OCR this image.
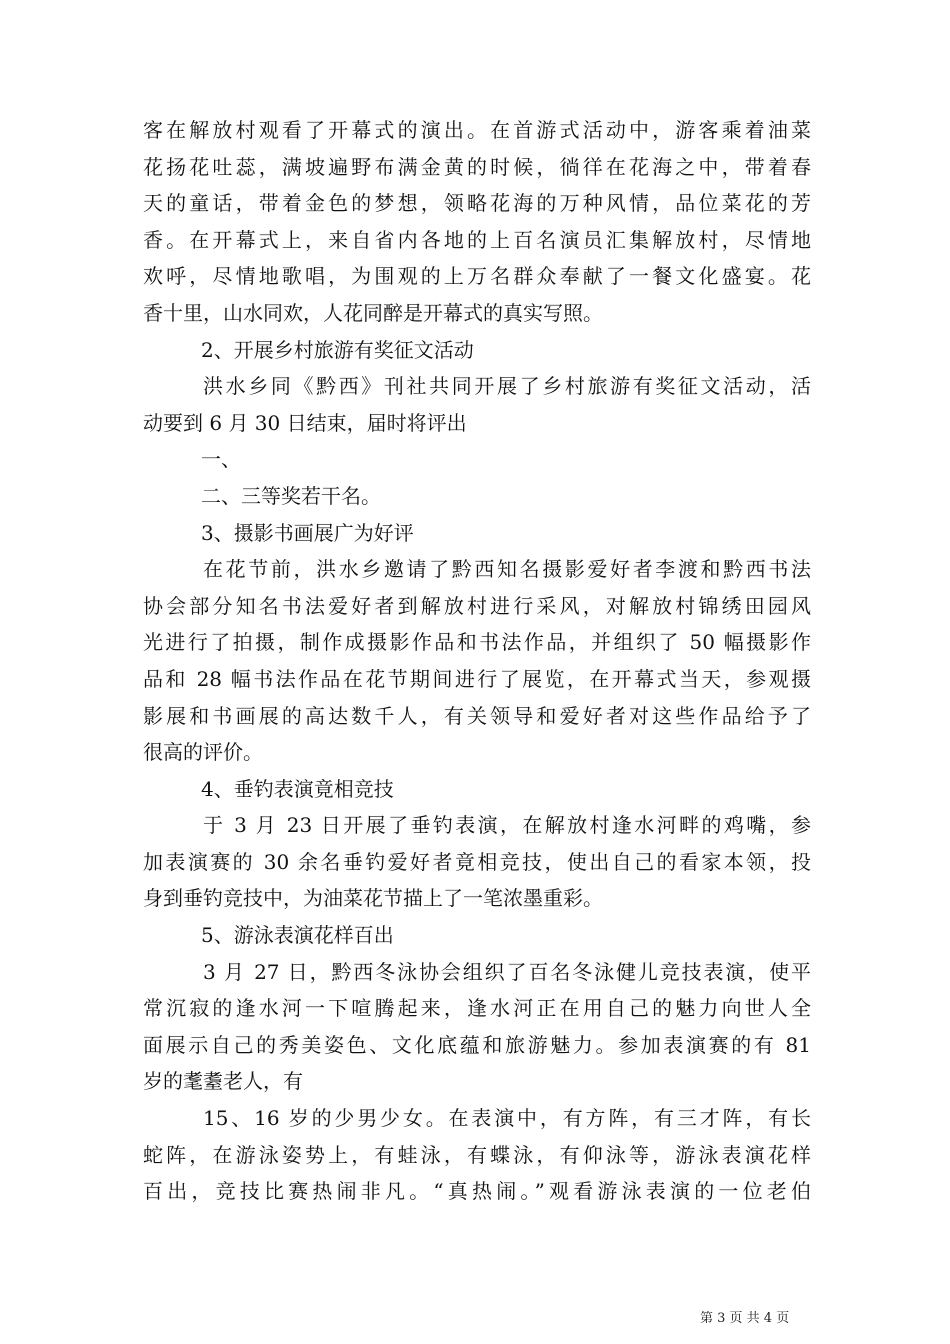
客在解放村观看了开幕式的演出。在首游式活动中，游客乘着油菜
花扬花吐蕊，满坡遍野布满金黄的时候，徜徉在花海之中，带着春
天的童话，带着金色的梦想，领略花海的万种风情，品位菜花的芳
香。在开幕式上，来自省内各地的上百名演员汇集解放村，尽情地
欢呼，尽情地歌唱，为围观的上万名群众奉献了一餐文化盛宴。花
香十里，山水同欢，人花同醉是开幕式的真实写照。
2、开展乡村旅游有奖征文活动
洪水乡同《黔西》刊社共同开展了乡村旅游有奖征文活动，活
动要到 6 月 30 日结束，届时将评出
一、
二、三等奖若干名。
3、摄影书画展广为好评
在花节前，洪水乡邀请了黔西知名摄影爱好者李渡和黔西书法
协会部分知名书法爱好者到解放村进行采风，对解放村锦绣田园风
光进行了拍摄，制作成摄影作品和书法作品，并组织了 50 幅摄影作
品和 28 幅书法作品在花节期间进行了展览，在开幕式当天，参观摄
影展和书画展的高达数千人，有关领导和爱好者对这些作品给予了
很高的评价。
4、垂钓表演竟相竞技
于 3 月 23 日开展了垂钓表演，在解放村逢水河畔的鸡嘴，参
加表演赛的 30 余名垂钓爱好者竟相竞技，使出自己的看家本领，投
身到垂钓竞技中，为油菜花节描上了一笔浓墨重彩。
5、游泳表演花样百出
3 月 27 日，黔西冬泳协会组织了百名冬泳健儿竞技表演，使平
常沉寂的逢水河一下喧腾起来，逢水河正在用自己的魅力向世人全
面展示自己的秀美姿色、文化底蕴和旅游魅力。参加表演赛的有 81
岁的耄耋老人，有
15、16 岁的少男少女。在表演中，有方阵，有三才阵，有长
蛇阵，在游泳姿势上，有蛙泳，有蝶泳，有仰泳等，游泳表演花样
百出，竞技比赛热闹非凡。“真热闹。”观看游泳表演的一位老伯
第 3 页 共 4 页
